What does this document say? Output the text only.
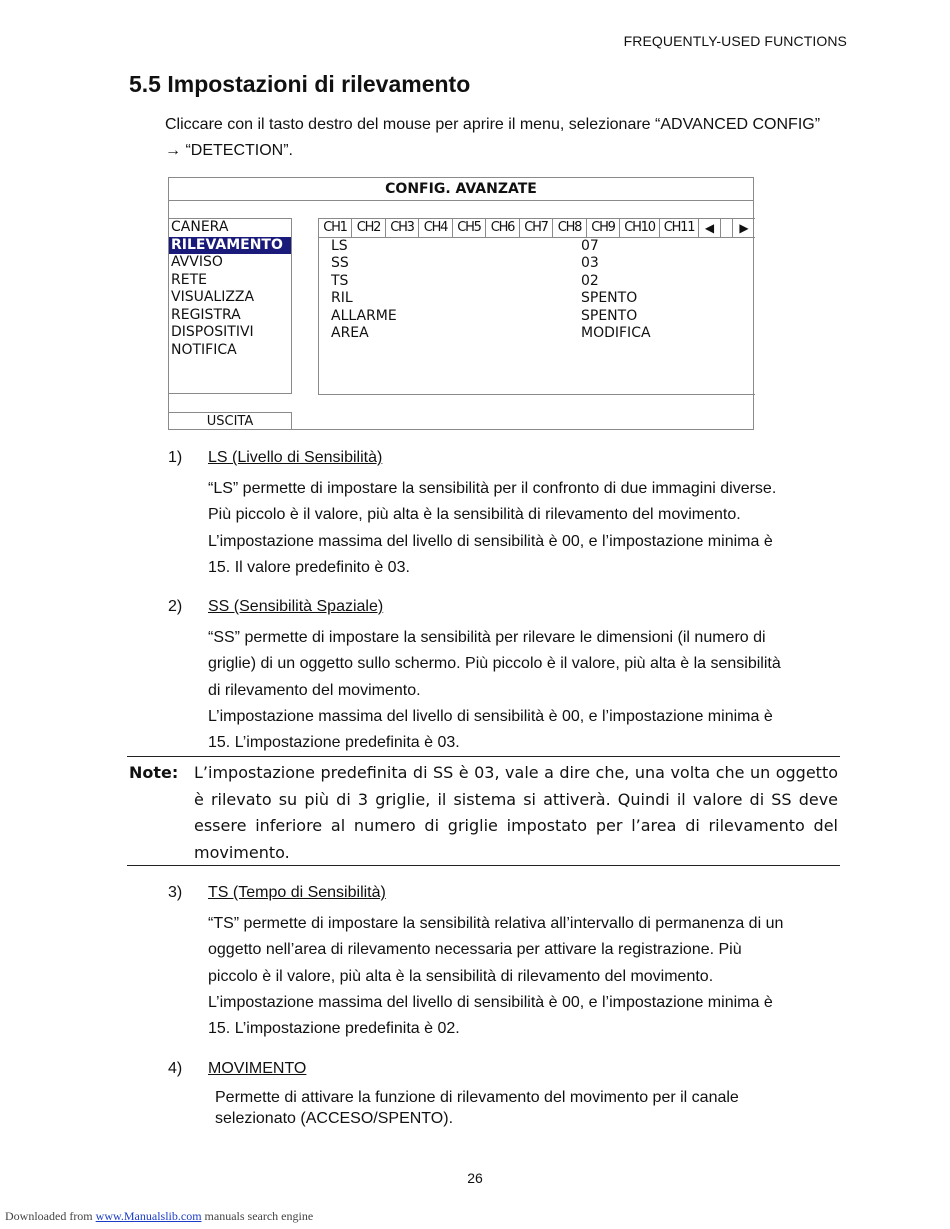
FREQUENTLY-USED FUNCTIONS
5.5 Impostazioni di rilevamento
Cliccare con il tasto destro del mouse per aprire il menu, selezionare “ADVANCED CONFIG” → “DETECTION”.
CONFIG. AVANZATE
CANERA
RILEVAMENTO
AVVISO
RETE
VISUALIZZA
REGISTRA
DISPOSITIVI
NOTIFICA
USCITA
CH1 CH2 CH3 CH4 CH5 CH6 CH7 CH8 CH9 CH10 CH11 ◀	▶
LS	07
SS	03
TS	02
RIL	SPENTO
ALLARME	SPENTO
AREA	MODIFICA
1) LS (Livello di Sensibilità)
“LS” permette di impostare la sensibilità per il confronto di due immagini diverse.
Più piccolo è il valore, più alta è la sensibilità di rilevamento del movimento.
L’impostazione massima del livello di sensibilità è 00, e l’impostazione minima è
15. Il valore predefinito è 03.
2) SS (Sensibilità Spaziale)
“SS” permette di impostare la sensibilità per rilevare le dimensioni (il numero di
griglie) di un oggetto sullo schermo. Più piccolo è il valore, più alta è la sensibilità
di rilevamento del movimento.
L’impostazione massima del livello di sensibilità è 00, e l’impostazione minima è
15. L’impostazione predefinita è 03.
Note: L’impostazione predefinita di SS è 03, vale a dire che, una volta che un oggetto è rilevato su più di 3 griglie, il sistema si attiverà. Quindi il valore di SS deve essere inferiore al numero di griglie impostato per l’area di rilevamento del movimento.
3) TS (Tempo di Sensibilità)
“TS” permette di impostare la sensibilità relativa all’intervallo di permanenza di un
oggetto nell’area di rilevamento necessaria per attivare la registrazione. Più
piccolo è il valore, più alta è la sensibilità di rilevamento del movimento.
L’impostazione massima del livello di sensibilità è 00, e l’impostazione minima è
15. L’impostazione predefinita è 02.
4) MOVIMENTO
Permette di attivare la funzione di rilevamento del movimento per il canale
selezionato (ACCESO/SPENTO).
26
Downloaded from www.Manualslib.com manuals search engine
